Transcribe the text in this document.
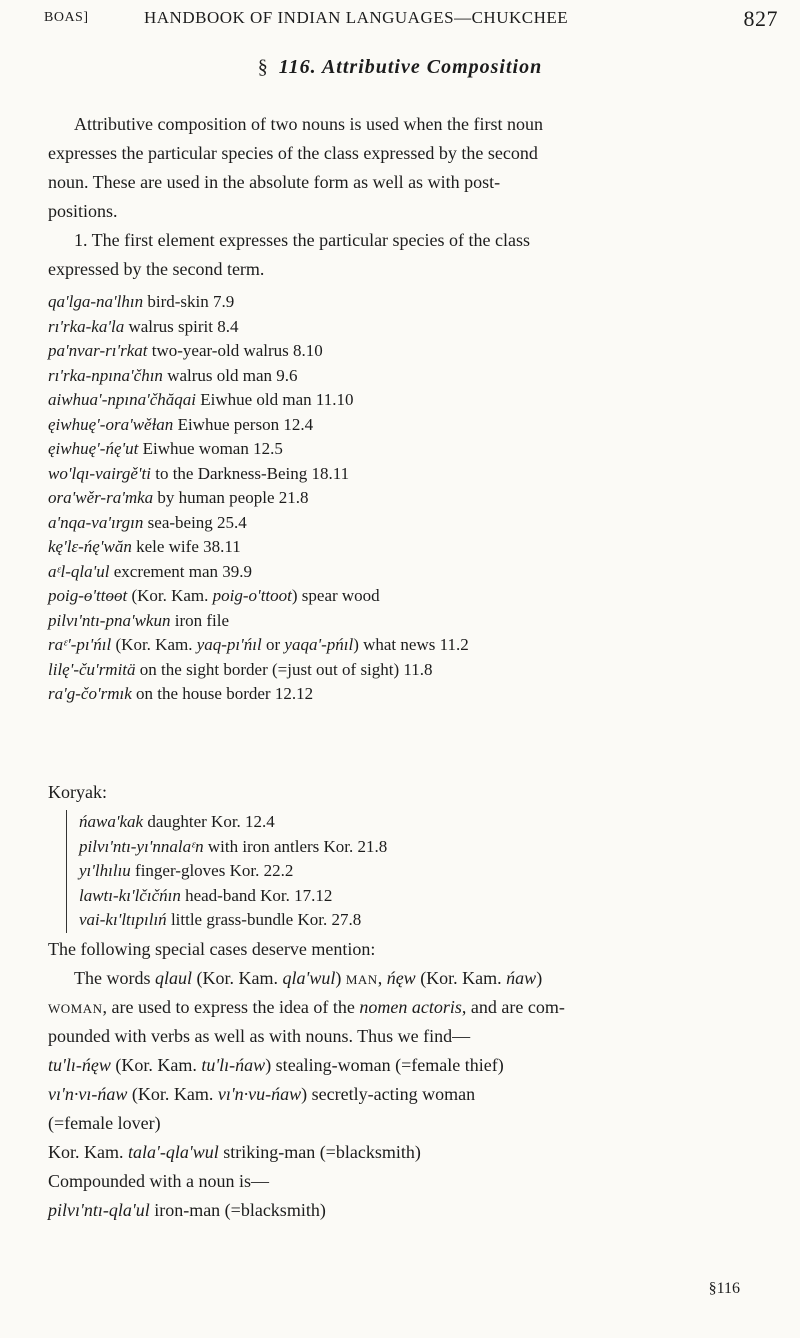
BOAS]	HANDBOOK OF INDIAN LANGUAGES—CHUKCHEE	827
§ 116. Attributive Composition
Attributive composition of two nouns is used when the first noun
expresses the particular species of the class expressed by the second
noun. These are used in the absolute form as well as with post-
positions.
1. The first element expresses the particular species of the class
expressed by the second term.
qa'lga-na'lhın bird-skin 7.9
rı'rka-ka'la walrus spirit 8.4
pa'nvar-rı'rkat two-year-old walrus 8.10
rı'rka-npına'čhın walrus old man 9.6
aiwhua'-npına'čhăqai Eiwhue old man 11.10
ęiwhuę'-ora'wěɫan Eiwhue person 12.4
ęiwhuę'-ńę'ut Eiwhue woman 12.5
wo'lqı-vairgě'ti to the Darkness-Being 18.11
ora'wěr-ra'mka by human people 21.8
a'nqa-va'ırgın sea-being 25.4
kę'lɛ-ńę'wăn kele wife 38.11
aᵋl-qla'ul excrement man 39.9
poig-ɵ'ttɵɵt (Kor. Kam. poig-o'ttoot) spear wood
pilvı'ntı-pna'wkun iron file
raᵋ'-pı'ńıl (Kor. Kam. yaq-pı'ńıl or yaqa'-pńıl) what news 11.2
lilę'-ču'rmitä on the sight border (=just out of sight) 11.8
ra'g-čo'rmık on the house border 12.12
Koryak:
ńawa'kak daughter Kor. 12.4
pilvı'ntı-yı'nnalaᵋn with iron antlers Kor. 21.8
yı'lhılıu finger-gloves Kor. 22.2
lawtı-kı'lčıčńın head-band Kor. 17.12
vai-kı'ltıpılıń little grass-bundle Kor. 27.8
The following special cases deserve mention:
The words qlaul (Kor. Kam. qla'wul) man, ńęw (Kor. Kam. ńaw)
woman, are used to express the idea of the nomen actoris, and are com-
pounded with verbs as well as with nouns. Thus we find—
tu'lı-ńęw (Kor. Kam. tu'lı-ńaw) stealing-woman (=female thief)
vı'n·vı-ńaw (Kor. Kam. vı'n·vu-ńaw) secretly-acting woman
(=female lover)
Kor. Kam. tala'-qla'wul striking-man (=blacksmith)
Compounded with a noun is—
pilvı'ntı-qla'ul iron-man (=blacksmith)
§116
